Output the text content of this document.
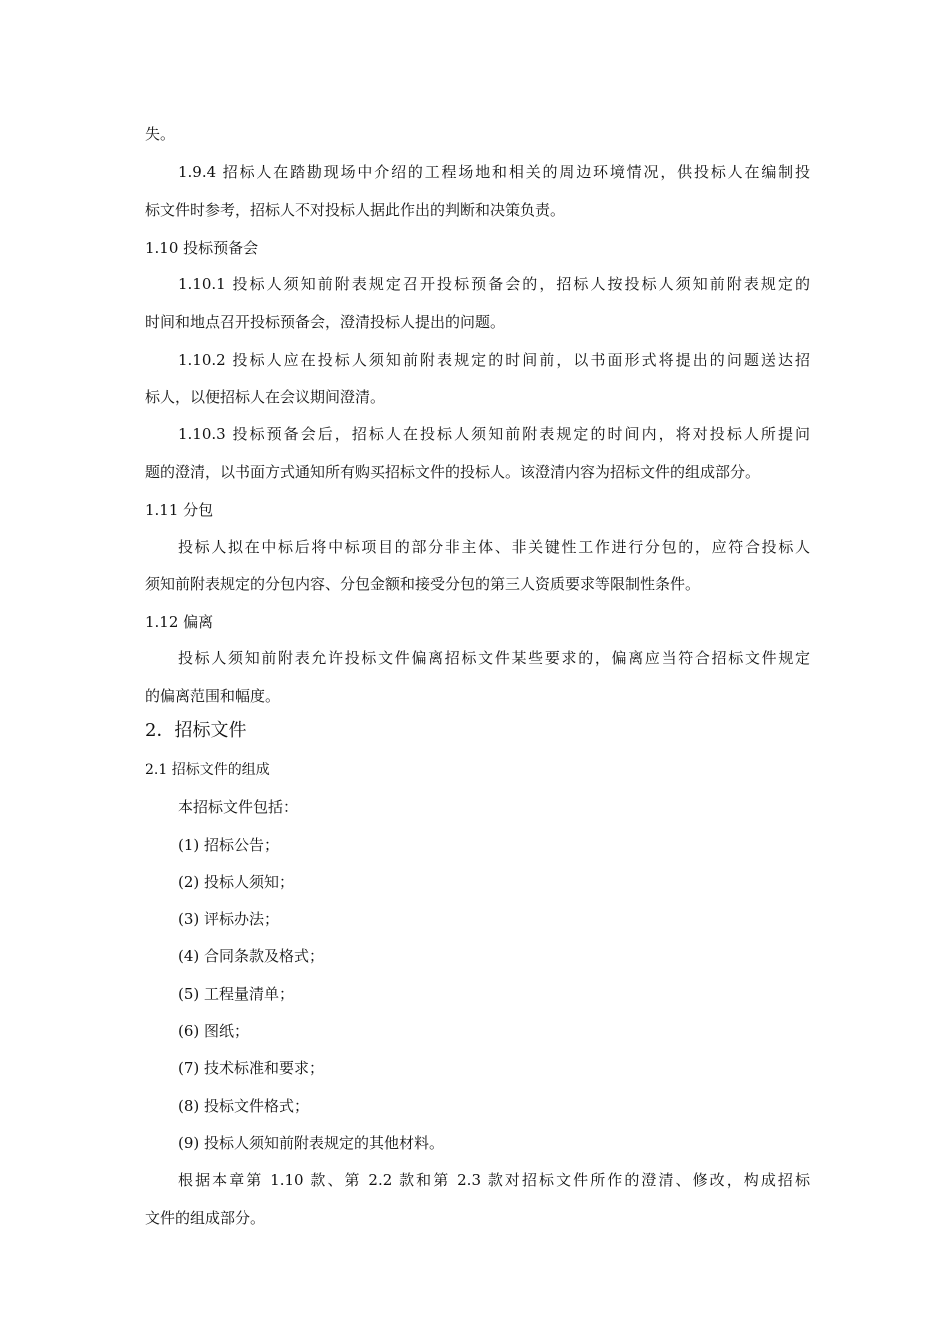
失。
1.9.4 招标人在踏勘现场中介绍的工程场地和相关的周边环境情况，供投标人在编制投
标文件时参考，招标人不对投标人据此作出的判断和决策负责。
1.10 投标预备会
1.10.1 投标人须知前附表规定召开投标预备会的，招标人按投标人须知前附表规定的
时间和地点召开投标预备会，澄清投标人提出的问题。
1.10.2 投标人应在投标人须知前附表规定的时间前，以书面形式将提出的问题送达招
标人，以便招标人在会议期间澄清。
1.10.3 投标预备会后，招标人在投标人须知前附表规定的时间内，将对投标人所提问
题的澄清，以书面方式通知所有购买招标文件的投标人。该澄清内容为招标文件的组成部分。
1.11 分包
投标人拟在中标后将中标项目的部分非主体、非关键性工作进行分包的，应符合投标人
须知前附表规定的分包内容、分包金额和接受分包的第三人资质要求等限制性条件。
1.12 偏离
投标人须知前附表允许投标文件偏离招标文件某些要求的，偏离应当符合招标文件规定
的偏离范围和幅度。
2．招标文件
2.1 招标文件的组成
本招标文件包括：
(1) 招标公告；
(2) 投标人须知；
(3) 评标办法；
(4) 合同条款及格式；
(5) 工程量清单；
(6) 图纸；
(7) 技术标准和要求；
(8) 投标文件格式；
(9) 投标人须知前附表规定的其他材料。
根据本章第 1.10 款、第 2.2 款和第 2.3 款对招标文件所作的澄清、修改，构成招标
文件的组成部分。
